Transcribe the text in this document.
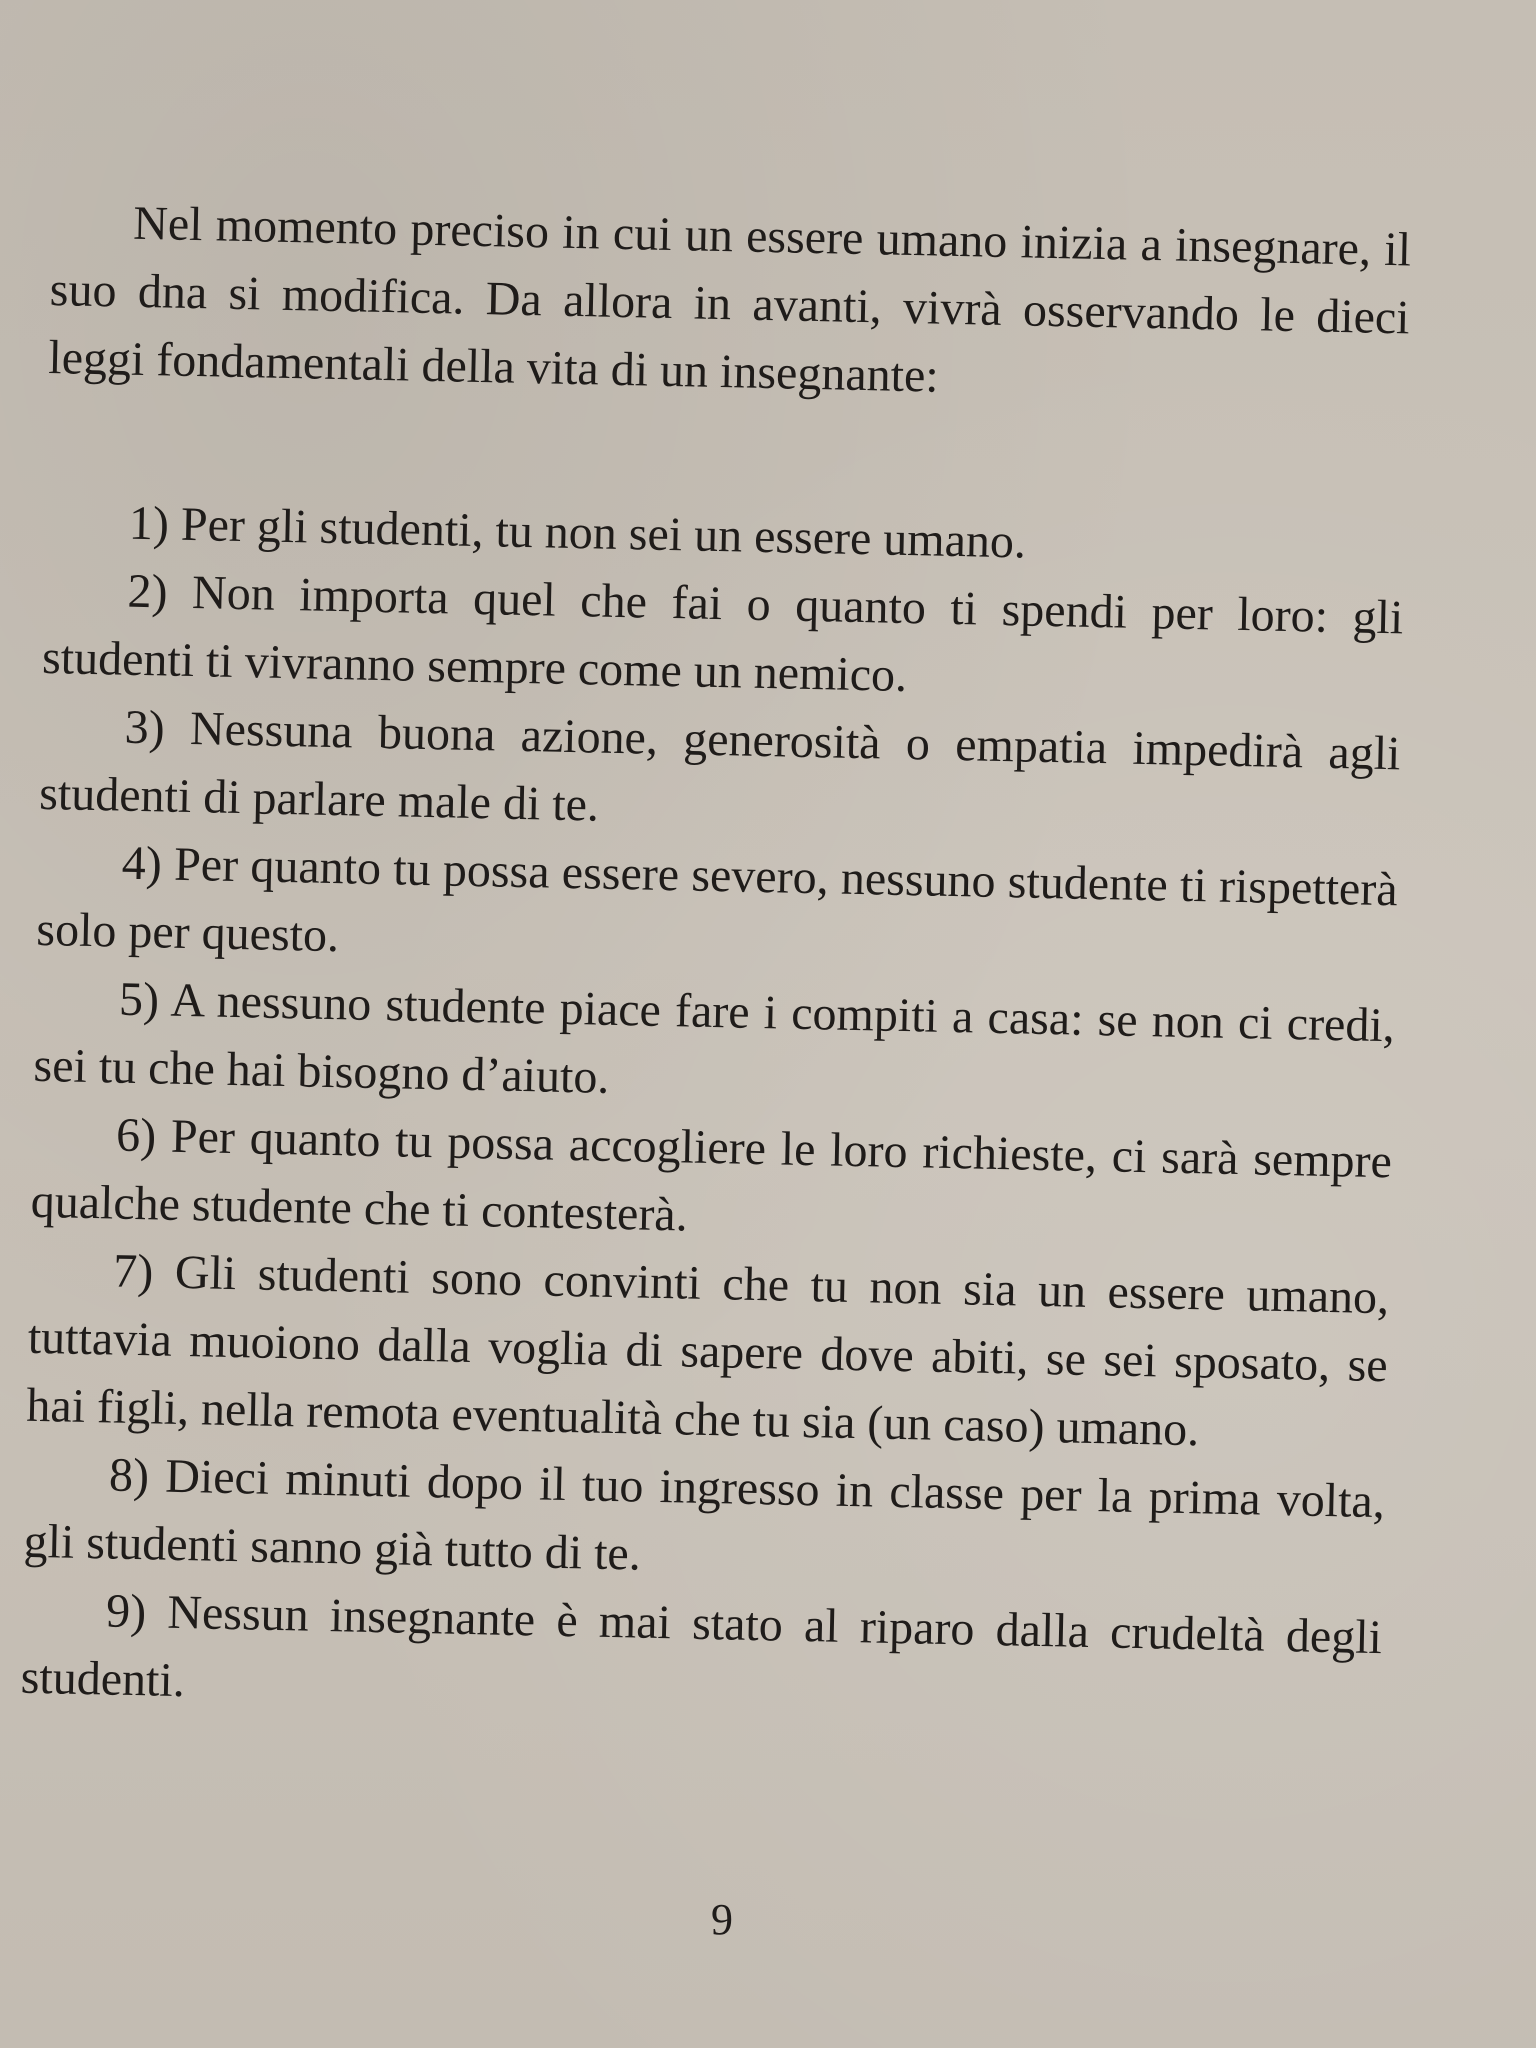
Nel momento preciso in cui un essere umano inizia a insegnare, il suo dna si modifica. Da allora in avanti, vivrà osservando le dieci leggi fondamentali della vita di un insegnante:

1) Per gli studenti, tu non sei un essere umano.

2) Non importa quel che fai o quanto ti spendi per loro: gli studenti ti vivranno sempre come un nemico.

3) Nessuna buona azione, generosità o empatia impedirà agli studenti di parlare male di te.

4) Per quanto tu possa essere severo, nessuno studente ti rispetterà solo per questo.

5) A nessuno studente piace fare i compiti a casa: se non ci credi, sei tu che hai bisogno d’aiuto.

6) Per quanto tu possa accogliere le loro richieste, ci sarà sempre qualche studente che ti contesterà.

7) Gli studenti sono convinti che tu non sia un essere umano, tuttavia muoiono dalla voglia di sapere dove abiti, se sei sposato, se hai figli, nella remota eventualità che tu sia (un caso) umano.

8) Dieci minuti dopo il tuo ingresso in classe per la prima volta, gli studenti sanno già tutto di te.

9) Nessun insegnante è mai stato al riparo dalla crudeltà degli studenti.

9
